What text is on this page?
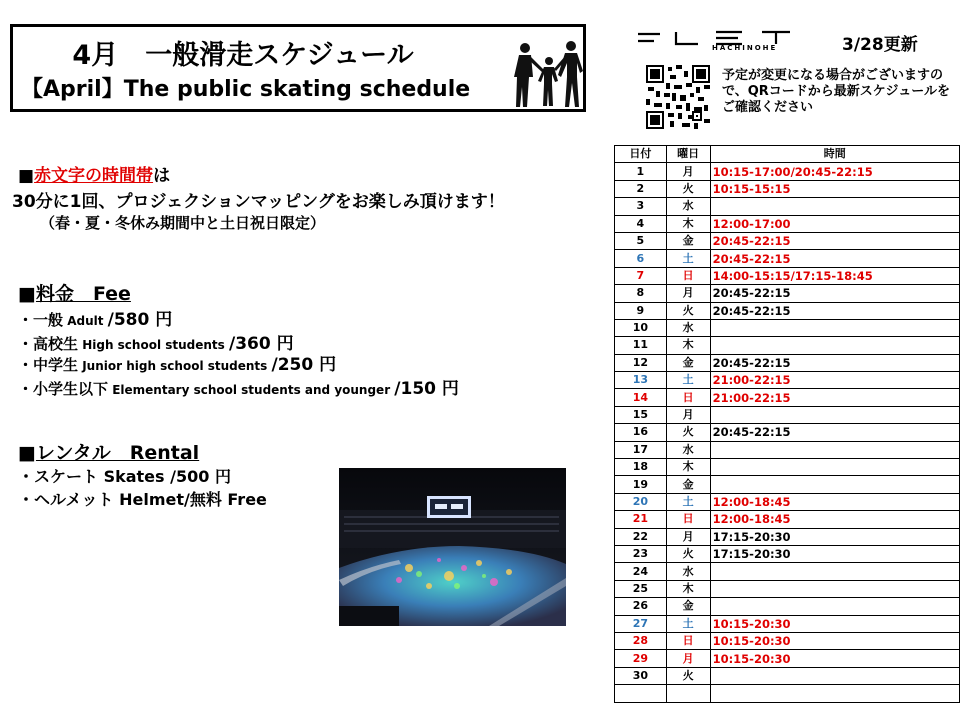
4月　一般滑走スケジュール
【April】The public skating schedule
HACHINOHE	3/28更新
予定が変更になる場合がございますので、QRコードから最新スケジュールをご確認ください
■赤文字の時間帯は
30分に1回、プロジェクションマッピングをお楽しみ頂けます！
（春・夏・冬休み期間中と土日祝日限定）
■料金　Fee
・一般 Adult /580 円
・高校生 High school students /360 円
・中学生 Junior high school students /250 円
・小学生以下 Elementary school students and younger /150 円
■レンタル　Rental
・スケート Skates /500 円
・ヘルメット Helmet/無料 Free
日付	曜日	時間
1	月	10:15-17:00/20:45-22:15
2	火	10:15-15:15
3	水	
4	木	12:00-17:00
5	金	20:45-22:15
6	土	20:45-22:15
7	日	14:00-15:15/17:15-18:45
8	月	20:45-22:15
9	火	20:45-22:15
10	水	
11	木	
12	金	20:45-22:15
13	土	21:00-22:15
14	日	21:00-22:15
15	月	
16	火	20:45-22:15
17	水	
18	木	
19	金	
20	土	12:00-18:45
21	日	12:00-18:45
22	月	17:15-20:30
23	火	17:15-20:30
24	水	
25	木	
26	金	
27	土	10:15-20:30
28	日	10:15-20:30
29	月	10:15-20:30
30	火	
